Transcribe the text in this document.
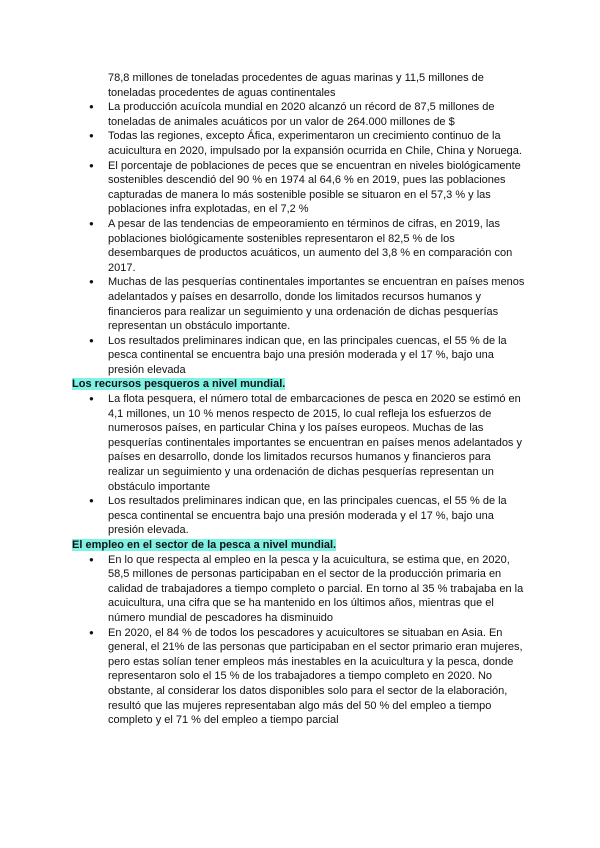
78,8 millones de toneladas procedentes de aguas marinas y 11,5 millones de toneladas procedentes de aguas continentales

● La producción acuícola mundial en 2020 alcanzó un récord de 87,5 millones de toneladas de animales acuáticos por un valor de 264.000 millones de $
● Todas las regiones, excepto Áfica, experimentaron un crecimiento continuo de la acuicultura en 2020, impulsado por la expansión ocurrida en Chile, China y Noruega.
● El porcentaje de poblaciones de peces que se encuentran en niveles biológicamente sostenibles descendió del 90 % en 1974 al 64,6 % en 2019, pues las poblaciones capturadas de manera lo más sostenible posible se situaron en el 57,3 % y las poblaciones infra explotadas, en el 7,2 %
● A pesar de las tendencias de empeoramiento en términos de cifras, en 2019, las poblaciones biológicamente sostenibles representaron el 82,5 % de los desembarques de productos acuáticos, un aumento del 3,8 % en comparación con 2017.
● Muchas de las pesquerías continentales importantes se encuentran en países menos adelantados y países en desarrollo, donde los limitados recursos humanos y financieros para realizar un seguimiento y una ordenación de dichas pesquerías representan un obstáculo importante.
● Los resultados preliminares indican que, en las principales cuencas, el 55 % de la pesca continental se encuentra bajo una presión moderada y el 17 %, bajo una presión elevada
Los recursos pesqueros a nivel mundial.
● La flota pesquera, el número total de embarcaciones de pesca en 2020 se estimó en 4,1 millones, un 10 % menos respecto de 2015, lo cual refleja los esfuerzos de numerosos países, en particular China y los países europeos. Muchas de las pesquerías continentales importantes se encuentran en países menos adelantados y países en desarrollo, donde los limitados recursos humanos y financieros para realizar un seguimiento y una ordenación de dichas pesquerías representan un obstáculo importante
● Los resultados preliminares indican que, en las principales cuencas, el 55 % de la pesca continental se encuentra bajo una presión moderada y el 17 %, bajo una presión elevada.
El empleo en el sector de la pesca a nivel mundial.
● En lo que respecta al empleo en la pesca y la acuicultura, se estima que, en 2020, 58,5 millones de personas participaban en el sector de la producción primaria en calidad de trabajadores a tiempo completo o parcial. En torno al 35 % trabajaba en la acuicultura, una cifra que se ha mantenido en los últimos años, mientras que el número mundial de pescadores ha disminuido
● En 2020, el 84 % de todos los pescadores y acuicultores se situaban en Asia. En general, el 21% de las personas que participaban en el sector primario eran mujeres, pero estas solían tener empleos más inestables en la acuicultura y la pesca, donde representaron solo el 15 % de los trabajadores a tiempo completo en 2020. No obstante, al considerar los datos disponibles solo para el sector de la elaboración, resultó que las mujeres representaban algo más del 50 % del empleo a tiempo completo y el 71 % del empleo a tiempo parcial
